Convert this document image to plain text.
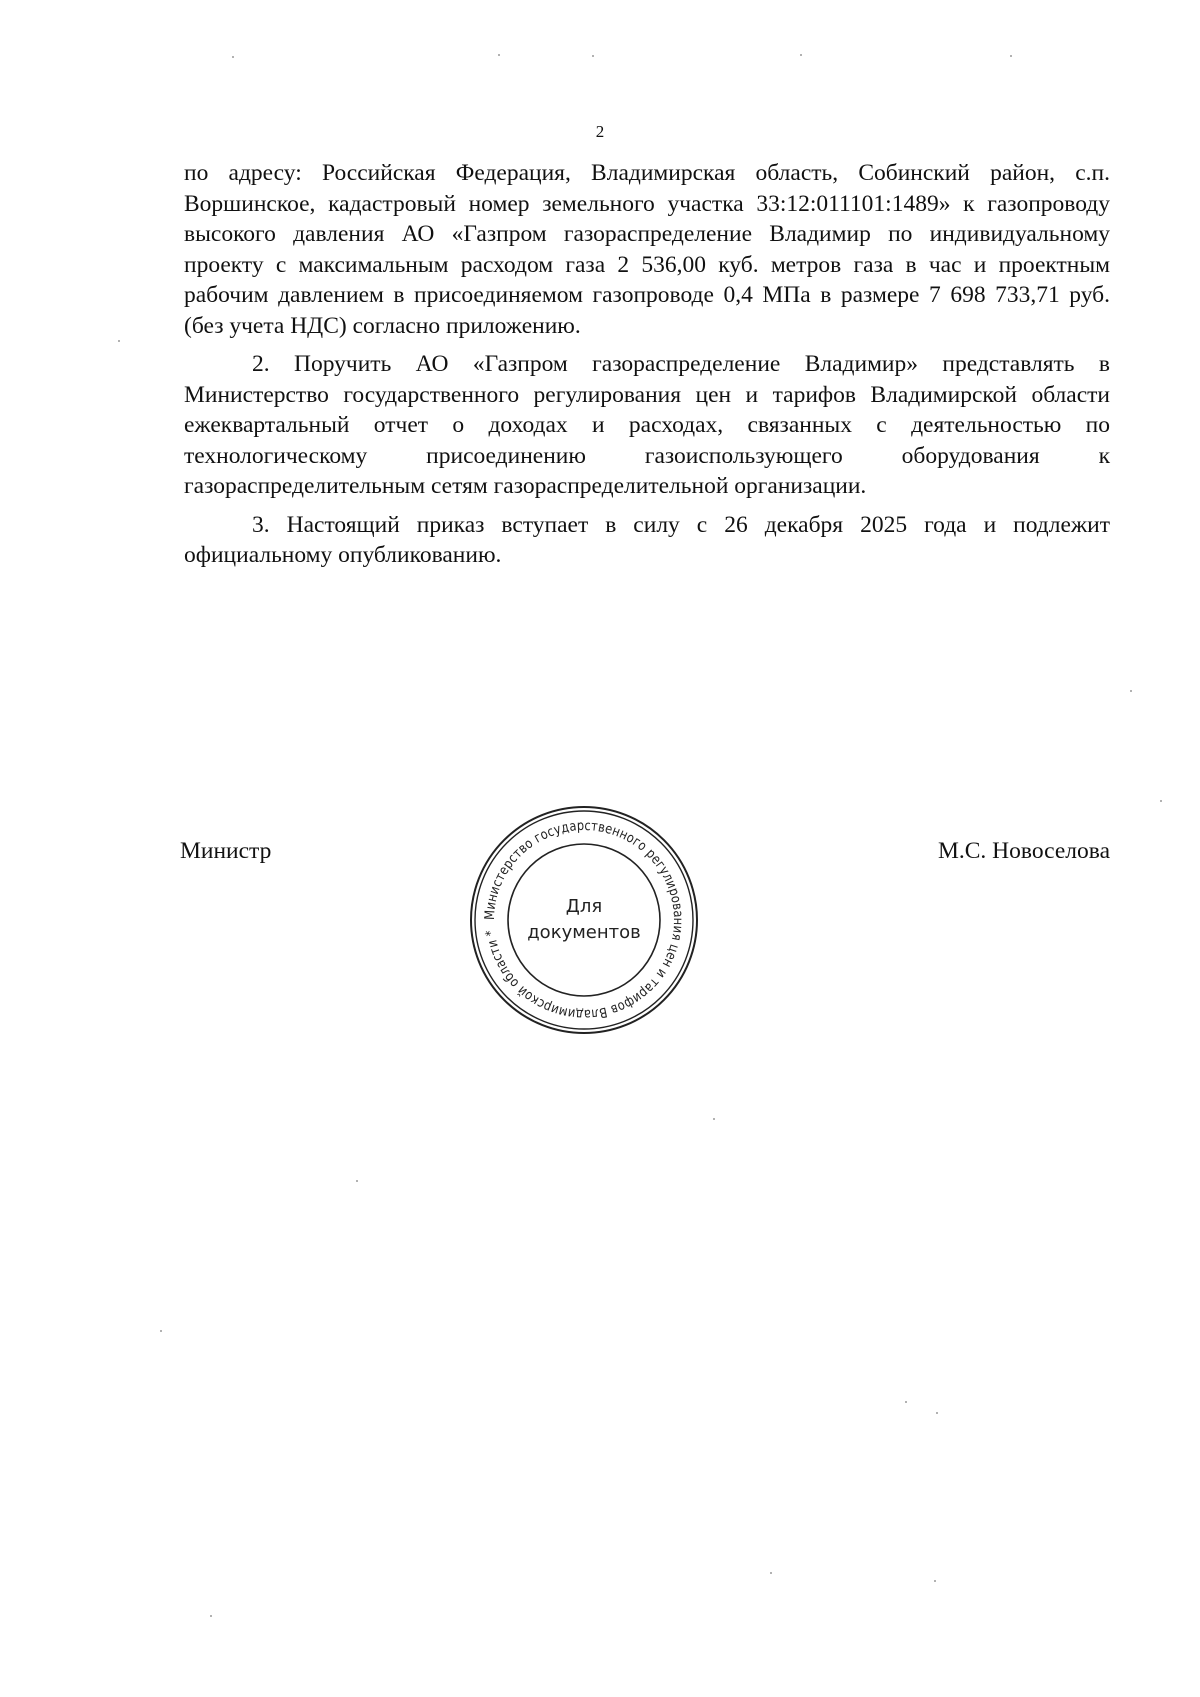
2

по адресу: Российская Федерация, Владимирская область, Собинский район, с.п. Воршинское, кадастровый номер земельного участка 33:12:011101:1489» к газопроводу высокого давления АО «Газпром газораспределение Владимир по индивидуальному проекту с максимальным расходом газа 2 536,00 куб. метров газа в час и проектным рабочим давлением в присоединяемом газопроводе 0,4 МПа в размере 7 698 733,71 руб. (без учета НДС) согласно приложению.

2. Поручить АО «Газпром газораспределение Владимир» представлять в Министерство государственного регулирования цен и тарифов Владимирской области ежеквартальный отчет о доходах и расходах, связанных с деятельностью по технологическому присоединению газоиспользующего оборудования к газораспределительным сетям газораспределительной организации.

3. Настоящий приказ вступает в силу с 26 декабря 2025 года и подлежит официальному опубликованию.

Министр	М.С. Новоселова
Министерство государственного регулирования цен и тарифов Владимирской области *
Для
документов
